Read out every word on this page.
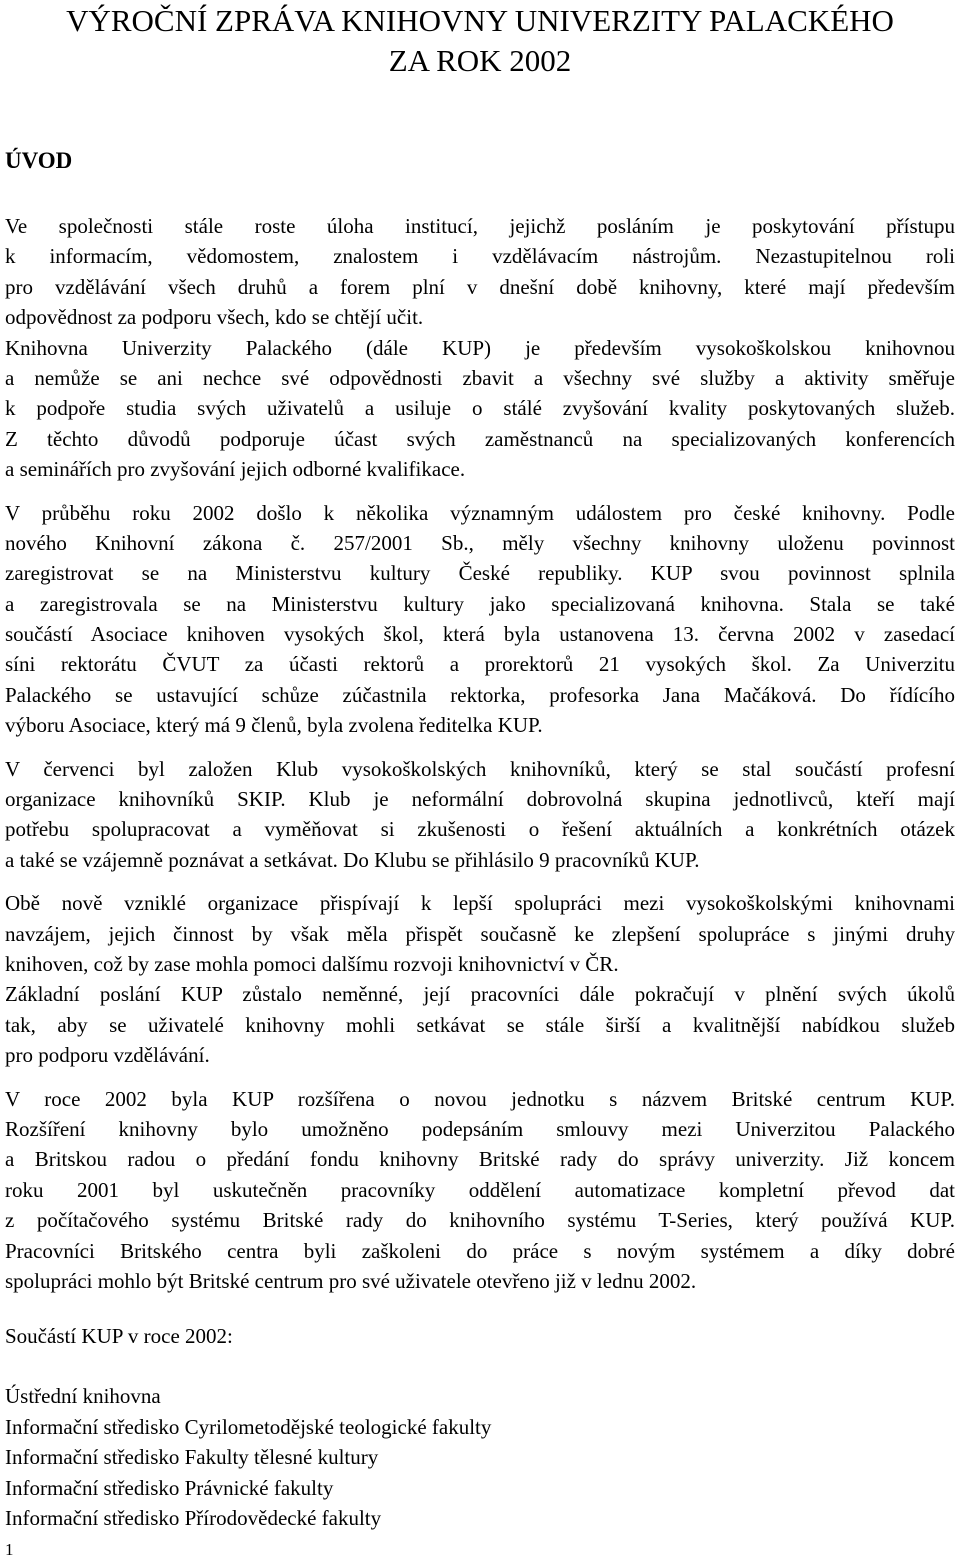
VÝROČNÍ ZPRÁVA KNIHOVNY UNIVERZITY PALACKÉHO
ZA ROK 2002
ÚVOD
Ve společnosti stále roste úloha institucí, jejichž posláním je poskytování přístupu
k informacím, vědomostem, znalostem i vzdělávacím nástrojům. Nezastupitelnou roli
pro vzdělávání všech druhů a forem plní v dnešní době knihovny, které mají především
odpovědnost za podporu všech, kdo se chtějí učit.
Knihovna Univerzity Palackého (dále KUP) je především vysokoškolskou knihovnou
a nemůže se ani nechce své odpovědnosti zbavit a všechny své služby a aktivity směřuje
k podpoře studia svých uživatelů a usiluje o stálé zvyšování kvality poskytovaných služeb.
Z těchto důvodů podporuje účast svých zaměstnanců na specializovaných konferencích
a seminářích pro zvyšování jejich odborné kvalifikace.
V průběhu roku 2002 došlo k několika významným událostem pro české knihovny. Podle
nového Knihovní zákona č. 257/2001 Sb., měly všechny knihovny uloženu povinnost
zaregistrovat se na Ministerstvu kultury České republiky. KUP svou povinnost splnila
a zaregistrovala se na Ministerstvu kultury jako specializovaná knihovna. Stala se také
součástí Asociace knihoven vysokých škol, která byla ustanovena 13. června 2002 v zasedací
síni rektorátu ČVUT za účasti rektorů a prorektorů 21 vysokých škol. Za Univerzitu
Palackého se ustavující schůze zúčastnila rektorka, profesorka Jana Mačáková. Do řídícího
výboru Asociace, který má 9 členů, byla zvolena ředitelka KUP.
V červenci byl založen Klub vysokoškolských knihovníků, který se stal součástí profesní
organizace knihovníků SKIP. Klub je neformální dobrovolná skupina jednotlivců, kteří mají
potřebu spolupracovat a vyměňovat si zkušenosti o řešení aktuálních a konkrétních otázek
a také se vzájemně poznávat a setkávat. Do Klubu se přihlásilo 9 pracovníků KUP.
Obě nově vzniklé organizace přispívají k lepší spolupráci mezi vysokoškolskými knihovnami
navzájem, jejich činnost by však měla přispět současně ke zlepšení spolupráce s jinými druhy
knihoven, což by zase mohla pomoci dalšímu rozvoji knihovnictví v ČR.
Základní poslání KUP zůstalo neměnné, její pracovníci dále pokračují v plnění svých úkolů
tak, aby se uživatelé knihovny mohli setkávat se stále širší a kvalitnější nabídkou služeb
pro podporu vzdělávání.
V roce 2002 byla KUP rozšířena o novou jednotku s názvem Britské centrum KUP.
Rozšíření knihovny bylo umožněno podepsáním smlouvy mezi Univerzitou Palackého
a Britskou radou o předání fondu knihovny Britské rady do správy univerzity. Již koncem
roku 2001 byl uskutečněn pracovníky oddělení automatizace kompletní převod dat
z počítačového systému Britské rady do knihovního systému T-Series, který používá KUP.
Pracovníci Britského centra byli zaškoleni do práce s novým systémem a díky dobré
spolupráci mohlo být Britské centrum pro své uživatele otevřeno již v lednu 2002.
Součástí KUP v roce 2002:
Ústřední knihovna
Informační středisko Cyrilometodějské teologické fakulty
Informační středisko Fakulty tělesné kultury
Informační středisko Právnické fakulty
Informační středisko Přírodovědecké fakulty
1
